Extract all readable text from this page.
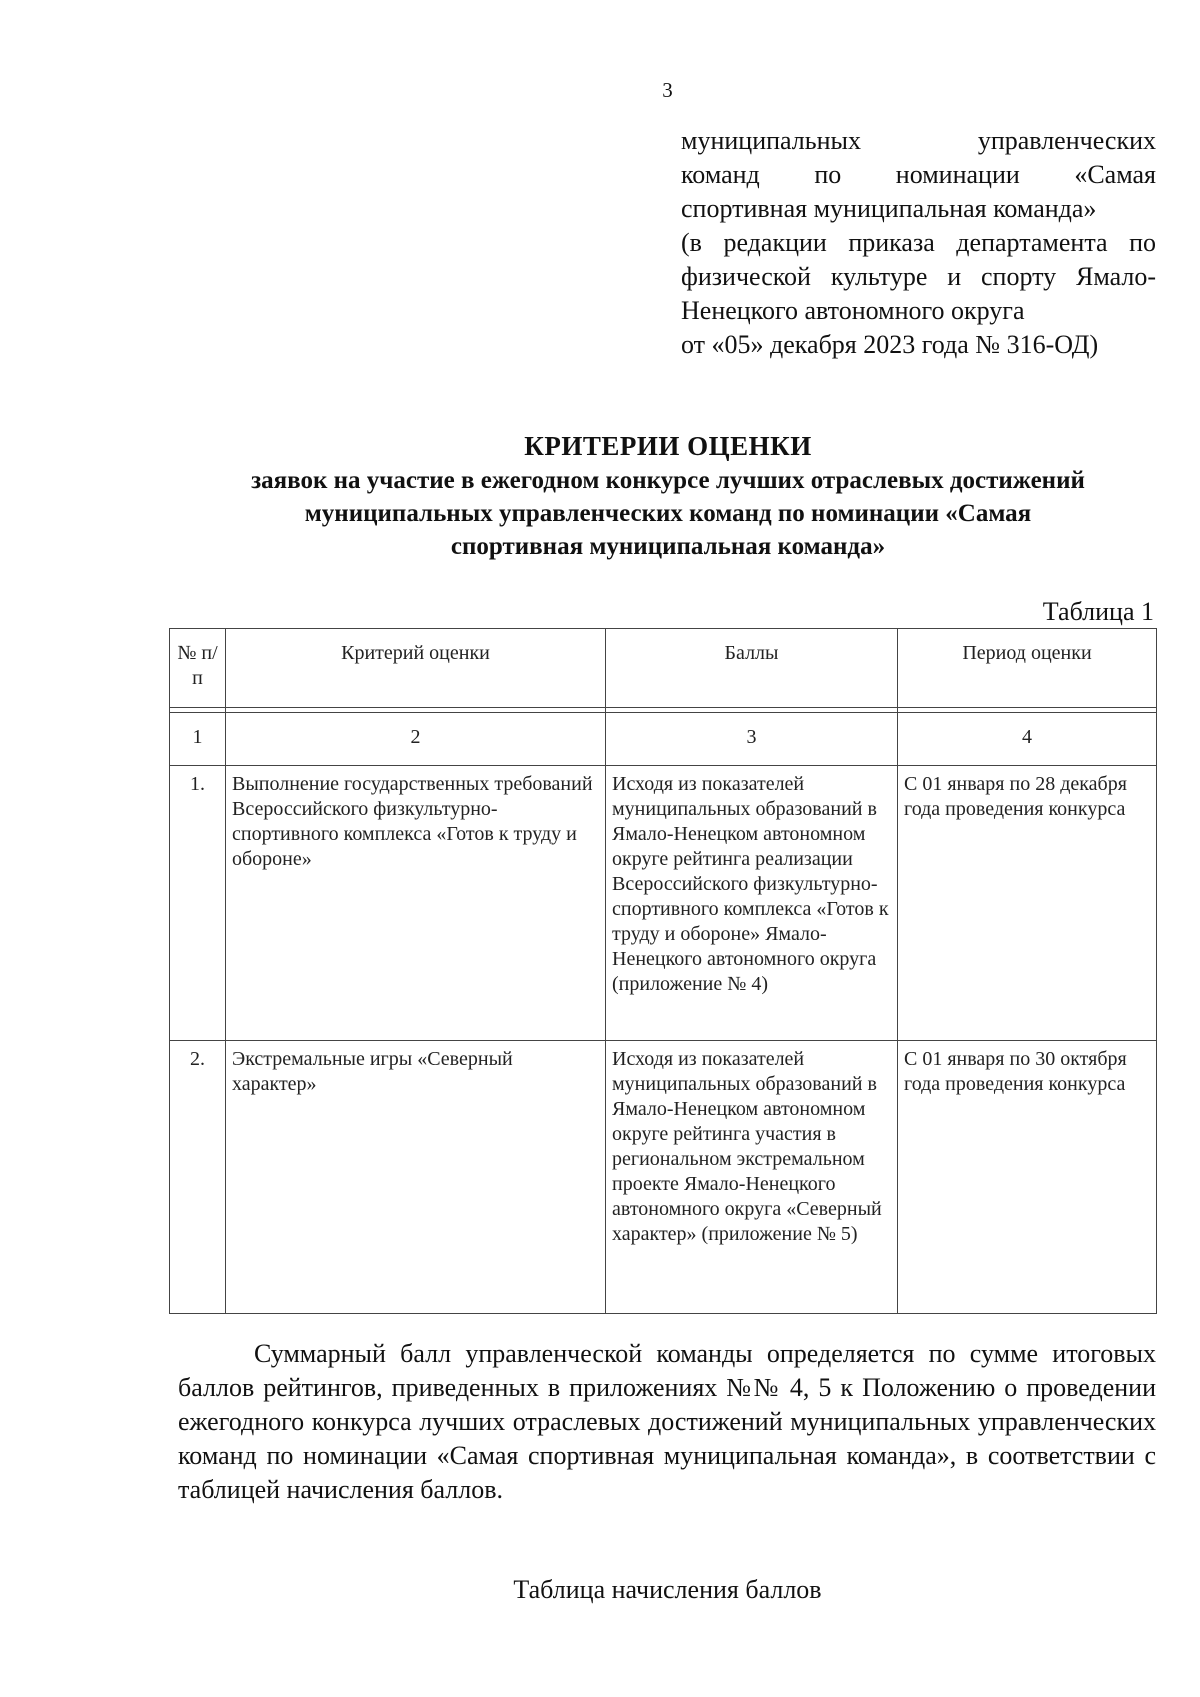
3
муниципальных управленческих
команд по номинации «Самая
спортивная муниципальная команда»
(в редакции приказа департамента по
физической культуре и спорту Ямало-
Ненецкого автономного округа
от «05» декабря 2023 года № 316-ОД)
КРИТЕРИИ ОЦЕНКИ
заявок на участие в ежегодном конкурсе лучших отраслевых достижений
муниципальных управленческих команд по номинации «Самая
спортивная муниципальная команда»
Таблица 1
№ п/п	Критерий оценки	Баллы	Период оценки

1	2	3	4
1.	Выполнение государственных требований Всероссийского физкультурно-спортивного комплекса «Готов к труду и обороне»	Исходя из показателей муниципальных образований в Ямало-Ненецком автономном округе рейтинга реализации Всероссийского физкультурно-спортивного комплекса «Готов к труду и обороне» Ямало-Ненецкого автономного округа (приложение № 4)	С 01 января по 28 декабря года проведения конкурса
2.	Экстремальные игры «Северный характер»	Исходя из показателей муниципальных образований в Ямало-Ненецком автономном округе рейтинга участия в региональном экстремальном проекте Ямало-Ненецкого автономного округа «Северный характер» (приложение № 5)	С 01 января по 30 октября года проведения конкурса
Суммарный балл управленческой команды определяется по сумме итоговых баллов рейтингов, приведенных в приложениях №№ 4, 5 к Положению о проведении ежегодного конкурса лучших отраслевых достижений муниципальных управленческих команд по номинации «Самая спортивная муниципальная команда», в соответствии с таблицей начисления баллов.
Таблица начисления баллов
